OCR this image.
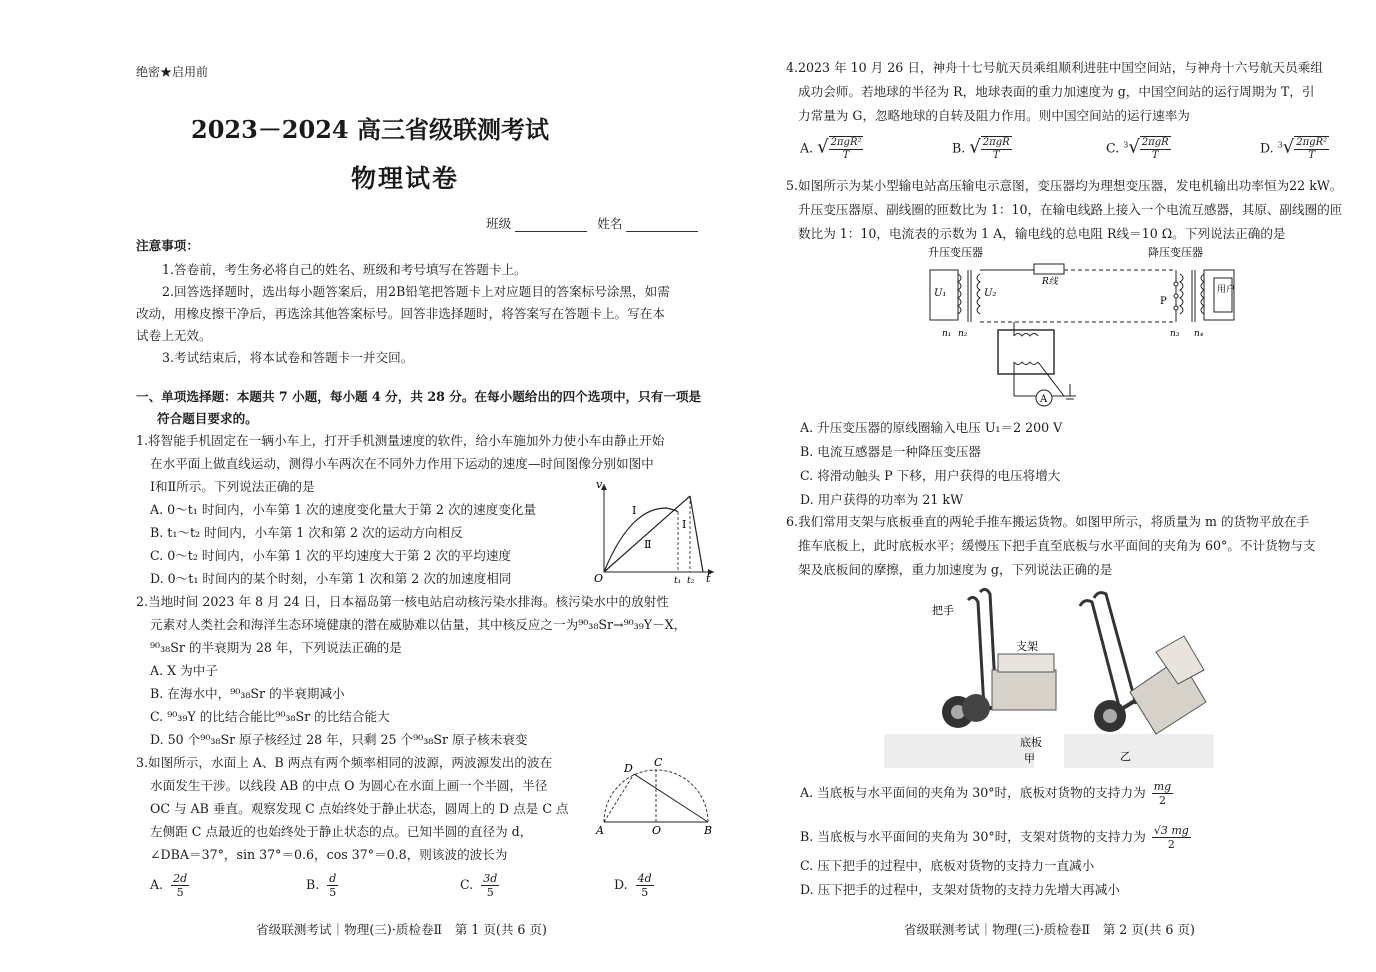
绝密★启用前
2023－2024 高三省级联测考试
物理试卷
班级	姓名
注意事项：
1.答卷前，考生务必将自己的姓名、班级和考号填写在答题卡上。
2.回答选择题时，选出每小题答案后，用2B铅笔把答题卡上对应题目的答案标号涂黑，如需
改动，用橡皮擦干净后，再选涂其他答案标号。回答非选择题时，将答案写在答题卡上。写在本
试卷上无效。
3.考试结束后，将本试卷和答题卡一并交回。
一、单项选择题：本题共 7 小题，每小题 4 分，共 28 分。在每小题给出的四个选项中，只有一项是
符合题目要求的。
1.将智能手机固定在一辆小车上，打开手机测量速度的软件，给小车施加外力使小车由静止开始
在水平面上做直线运动，测得小车两次在不同外力作用下运动的速度—时间图像分别如图中
Ⅰ和Ⅱ所示。下列说法正确的是
A. 0～t₁ 时间内，小车第 1 次的速度变化量大于第 2 次的速度变化量
B. t₁～t₂ 时间内，小车第 1 次和第 2 次的运动方向相反
C. 0～t₂ 时间内，小车第 1 次的平均速度大于第 2 次的平均速度
D. 0～t₁ 时间内的某个时刻，小车第 1 次和第 2 次的加速度相同
v
O	t
t₁ t₂
Ⅰ
Ⅱ
Ⅰ
2.当地时间 2023 年 8 月 24 日，日本福岛第一核电站启动核污染水排海。核污染水中的放射性
元素对人类社会和海洋生态环境健康的潜在威胁难以估量，其中核反应之一为⁹⁰₃₈Sr→⁹⁰₃₉Y－X，
⁹⁰₃₈Sr 的半衰期为 28 年，下列说法正确的是
A. X 为中子
B. 在海水中，⁹⁰₃₈Sr 的半衰期减小
C. ⁹⁰₃₉Y 的比结合能比⁹⁰₃₈Sr 的比结合能大
D. 50 个⁹⁰₃₈Sr 原子核经过 28 年，只剩 25 个⁹⁰₃₈Sr 原子核未衰变
3.如图所示，水面上 A、B 两点有两个频率相同的波源，两波源发出的波在
水面发生干涉。以线段 AB 的中点 O 为圆心在水面上画一个半圆，半径
OC 与 AB 垂直。观察发现 C 点始终处于静止状态，圆周上的 D 点是 C 点
左侧距 C 点最近的也始终处于静止状态的点。已知半圆的直径为 d，
∠DBA＝37°，sin 37°＝0.6，cos 37°＝0.8，则该波的波长为
A	B
C
D
O
A. $\frac{2d}{5}$	B. $\frac{d}{5}$	C. $\frac{3d}{5}$	D. $\frac{4d}{5}$
省级联测考试｜物理(三)·质检卷Ⅱ　第 1 页(共 6 页)
4.2023 年 10 月 26 日，神舟十七号航天员乘组顺利进驻中国空间站，与神舟十六号航天员乘组
成功会师。若地球的半径为 R，地球表面的重力加速度为 g，中国空间站的运行周期为 T，引
力常量为 G，忽略地球的自转及阻力作用。则中国空间站的运行速率为
A. √ 2πgR²
T	B. √ 2πgR
T	C. $^3$√ 2πgR
T	D. $^3$√ 2πgR²
T
5.如图所示为某小型输电站高压输电示意图，变压器均为理想变压器，发电机输出功率恒为22 kW。
升压变压器原、副线圈的匝数比为 1：10，在输电线路上接入一个电流互感器，其原、副线圈的匝
数比为 1：10，电流表的示数为 1 A，输电线的总电阻 R线＝10 Ω。下列说法正确的是
升压变压器	降压变压器
U₁	U₂
n₁ n₂
R线
A
P
用户
n₃ n₄
A. 升压变压器的原线圈输入电压 U₁＝2 200 V
B. 电流互感器是一种降压变压器
C. 将滑动触头 P 下移，用户获得的电压将增大
D. 用户获得的功率为 21 kW
6.我们常用支架与底板垂直的两轮手推车搬运货物。如图甲所示，将质量为 m 的货物平放在手
推车底板上，此时底板水平；缓慢压下把手直至底板与水平面间的夹角为 60°。不计货物与支
架及底板间的摩擦，重力加速度为 g，下列说法正确的是
把手
支架
底板
甲	乙
A. 当底板与水平面间的夹角为 30°时，底板对货物的支持力为 $\frac{mg}{2}$
B. 当底板与水平面间的夹角为 30°时，支架对货物的支持力为 $\frac{√3 mg}{2}$
C. 压下把手的过程中，底板对货物的支持力一直减小
D. 压下把手的过程中，支架对货物的支持力先增大再减小
省级联测考试｜物理(三)·质检卷Ⅱ　第 2 页(共 6 页)
